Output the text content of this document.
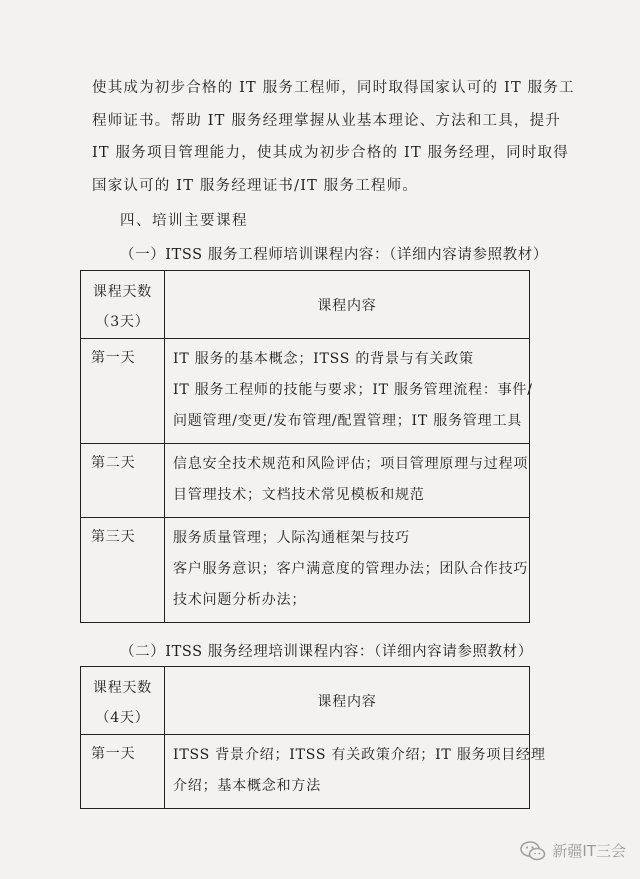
使其成为初步合格的 IT 服务工程师，同时取得国家认可的 IT 服务工
程师证书。帮助 IT 服务经理掌握从业基本理论、方法和工具，提升
IT 服务项目管理能力，使其成为初步合格的 IT 服务经理，同时取得
国家认可的 IT 服务经理证书/IT 服务工程师。

四、培训主要课程
（一）ITSS 服务工程师培训课程内容：（详细内容请参照教材）
课程天数
（3天）	课程内容
第一天	IT 服务的基本概念；ITSS 的背景与有关政策
IT 服务工程师的技能与要求；IT 服务管理流程：事件/
问题管理/变更/发布管理/配置管理；IT 服务管理工具

第二天	信息安全技术规范和风险评估；项目管理原理与过程项
目管理技术；文档技术常见模板和规范

第三天	服务质量管理；人际沟通框架与技巧
客户服务意识；客户满意度的管理办法；团队合作技巧
技术问题分析办法；
（二）ITSS 服务经理培训课程内容：（详细内容请参照教材）
课程天数
（4天）	课程内容
第一天	ITSS 背景介绍；ITSS 有关政策介绍；IT 服务项目经理
介绍；基本概念和方法
新疆IT三会
